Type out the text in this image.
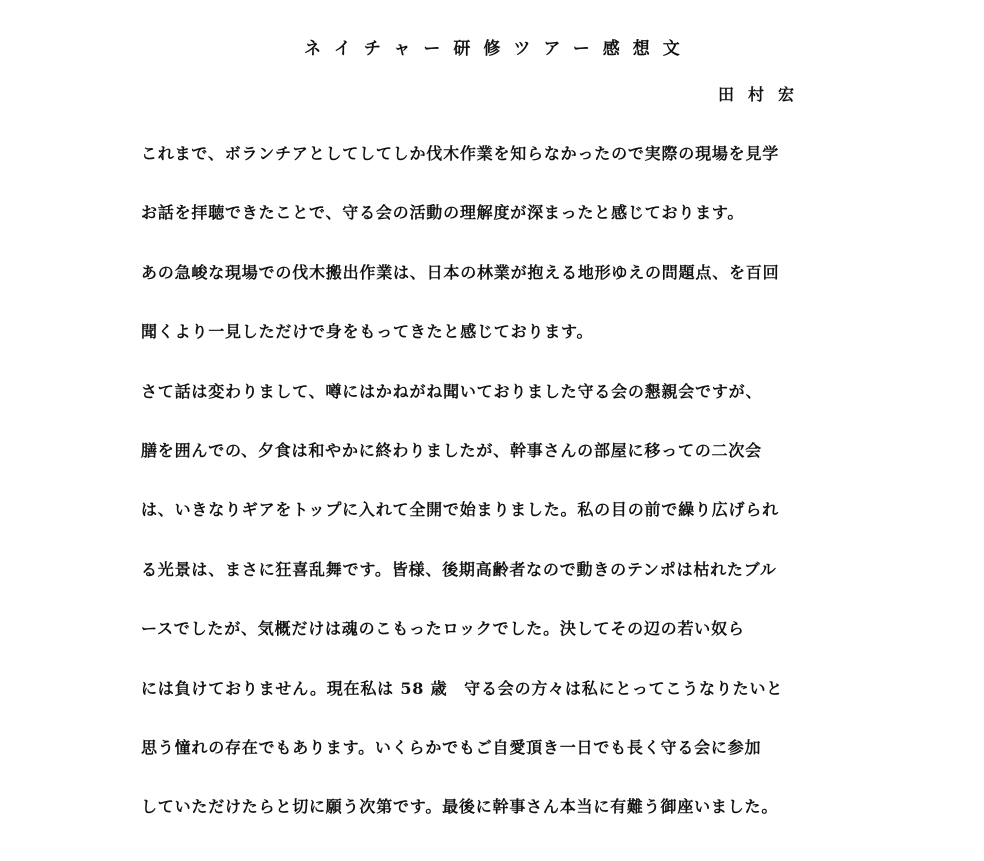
ネイチャー研修ツアー感想文
田村宏
これまで、ボランチアとしてしてしか伐木作業を知らなかったので実際の現場を見学
お話を拝聴できたことで、守る会の活動の理解度が深まったと感じております。
あの急峻な現場での伐木搬出作業は、日本の林業が抱える地形ゆえの問題点、を百回
聞くより一見しただけで身をもってきたと感じております。
さて話は変わりまして、噂にはかねがね聞いておりました守る会の懇親会ですが、
膳を囲んでの、夕食は和やかに終わりましたが、幹事さんの部屋に移っての二次会
は、いきなりギアをトップに入れて全開で始まりました。私の目の前で繰り広げられ
る光景は、まさに狂喜乱舞です。皆様、後期高齢者なので動きのテンポは枯れたブル
ースでしたが、気概だけは魂のこもったロックでした。決してその辺の若い奴ら
には負けておりません。現在私は 58 歳　守る会の方々は私にとってこうなりたいと
思う憧れの存在でもあります。いくらかでもご自愛頂き一日でも長く守る会に参加
していただけたらと切に願う次第です。最後に幹事さん本当に有難う御座いました。
